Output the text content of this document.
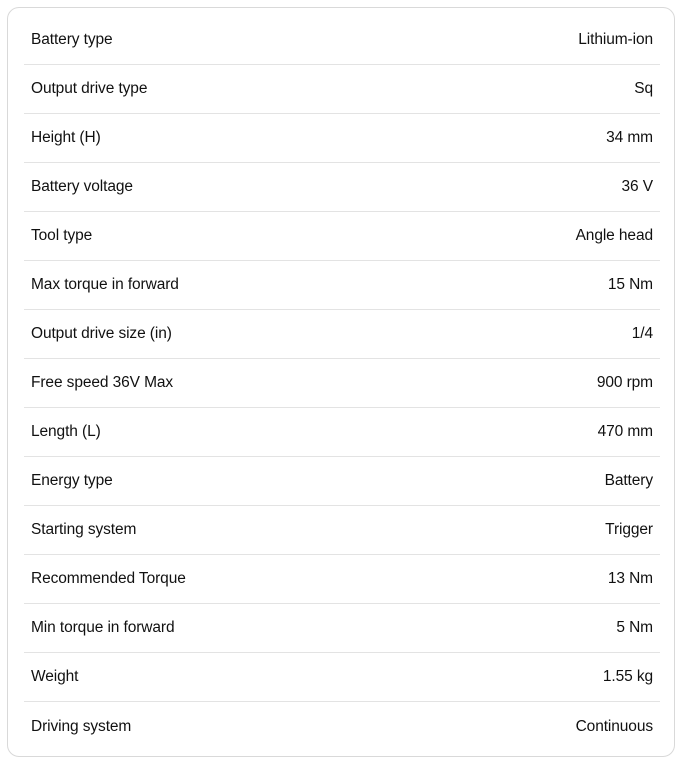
Battery type	Lithium-ion
Output drive type	Sq
Height (H)	34 mm
Battery voltage	36 V
Tool type	Angle head
Max torque in forward	15 Nm
Output drive size (in)	1/4
Free speed 36V Max	900 rpm
Length (L)	470 mm
Energy type	Battery
Starting system	Trigger
Recommended Torque	13 Nm
Min torque in forward	5 Nm
Weight	1.55 kg
Driving system	Continuous
